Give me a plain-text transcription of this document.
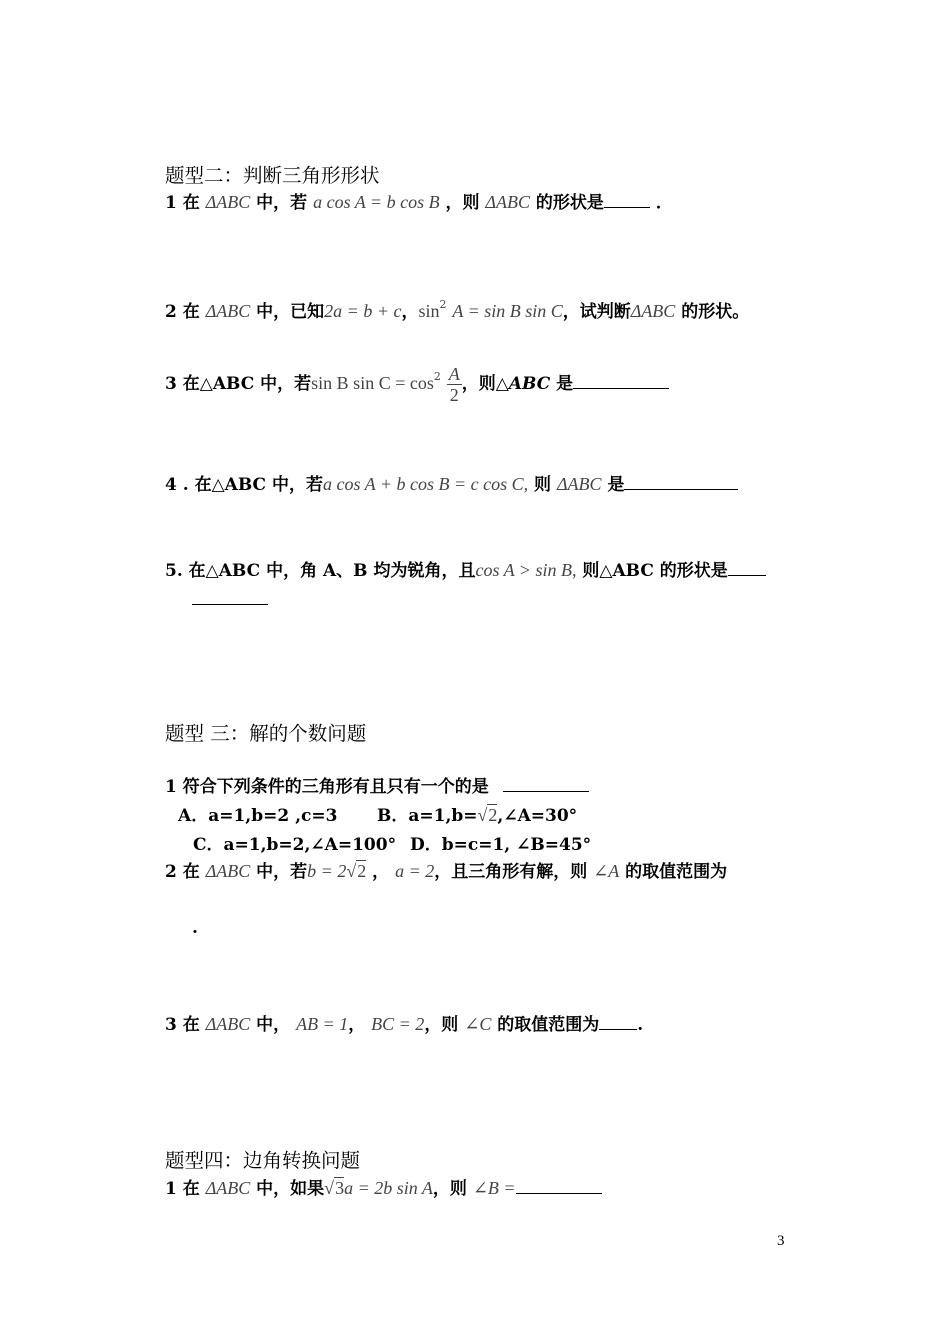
题型二：判断三角形形状
1 在 ΔABC 中，若 a cos A = b cos B ，则 ΔABC 的形状是	．
2 在 ΔABC 中，已知2a = b + c，$\sin^2 A = \sin B$ sin C，试判断ΔABC 的形状。
3 在△ABC 中，若sin B $\sin C = \cos^2 \frac{A}{2}$ ，则△ABC 是
4 . 在△ABC 中，若a cos A + b cos B = c cos C, 则 ΔABC 是
5. 在△ABC 中，角 A、B 均为锐角，且cos A > sin B, 则△ABC 的形状是
题型 三：解的个数问题
1 符合下列条件的三角形有且只有一个的是
A．a=1,b=2 ,c=3 B．a=1,b=√2,∠A=30°
C．a=1,b=2,∠A=100° D．b=c=1, ∠B=45°
2 在 ΔABC 中，若b = 2√2 ， a = 2，且三角形有解，则 ∠A 的取值范围为
.
3 在 ΔABC 中， AB = 1， BC = 2，则 ∠C 的取值范围为 .
题型四：边角转换问题
1 在 ΔABC 中，如果√3a = 2b sin A，则 ∠B =
3
